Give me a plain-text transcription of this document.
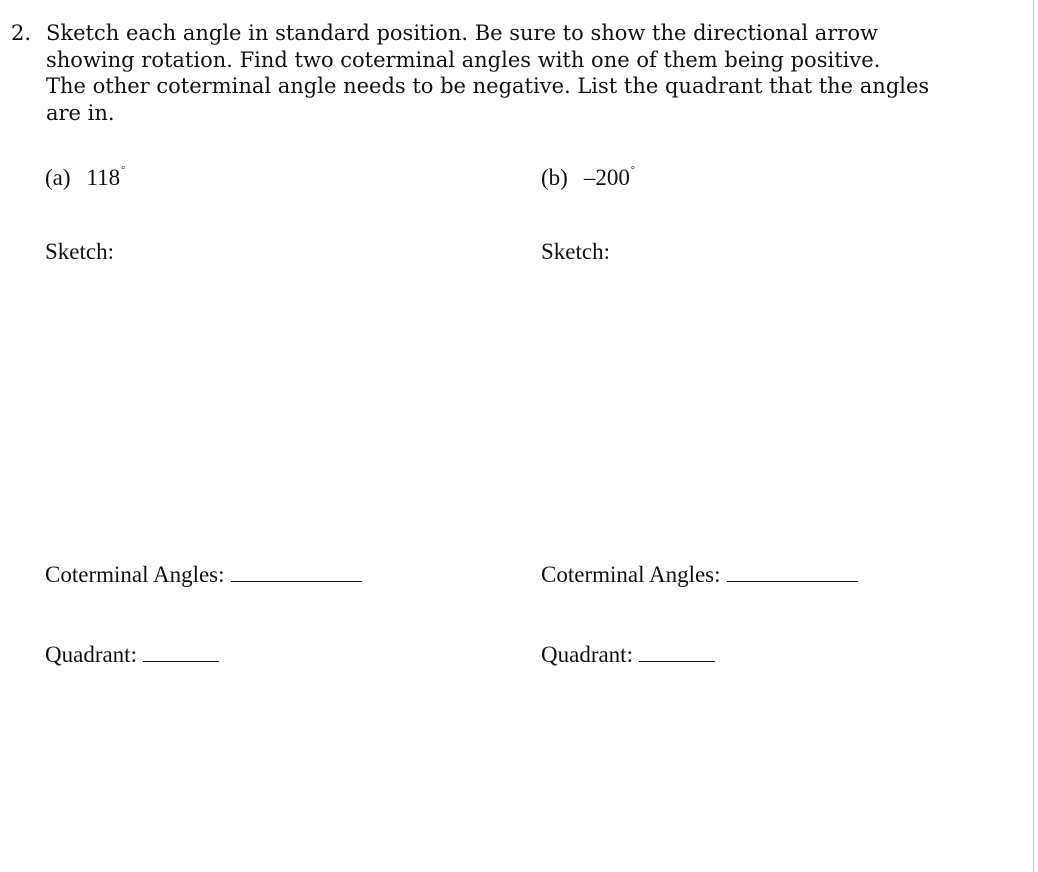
2. Sketch each angle in standard position. Be sure to show the directional arrow
showing rotation. Find two coterminal angles with one of them being positive.
The other coterminal angle needs to be negative. List the quadrant that the angles
are in.
(a) 118°
Sketch:
Coterminal Angles:
Quadrant:
(b) –200°
Sketch:
Coterminal Angles:
Quadrant:
